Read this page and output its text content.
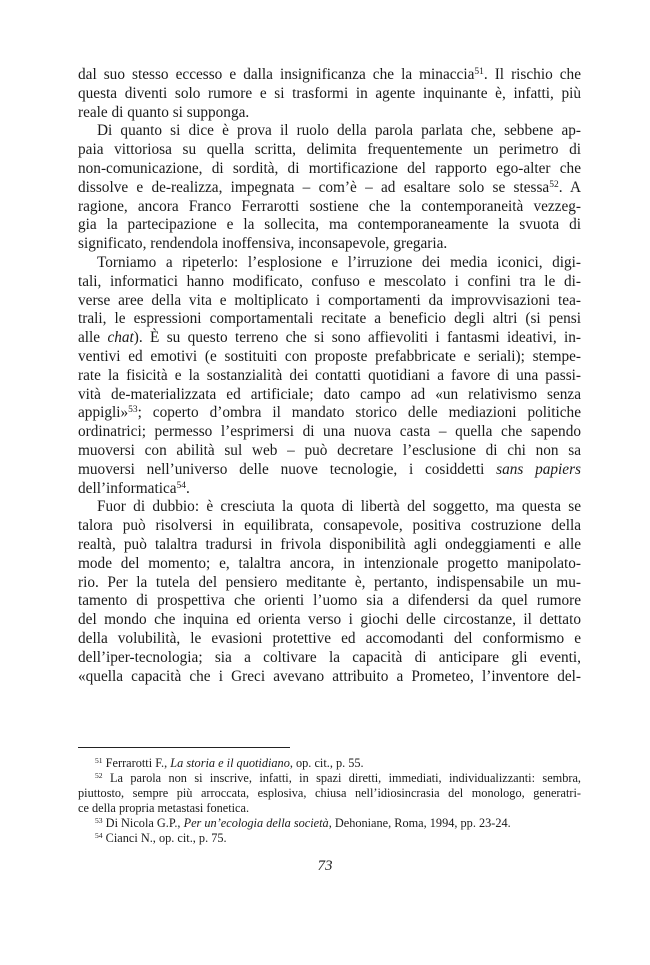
dal suo stesso eccesso e dalla insignificanza che la minaccia$^{51}$. Il rischio che
questa diventi solo rumore e si trasformi in agente inquinante è, infatti, più
reale di quanto si supponga.
Di quanto si dice è prova il ruolo della parola parlata che, sebbene ap-
paia vittoriosa su quella scritta, delimita frequentemente un perimetro di
non-comunicazione, di sordità, di mortificazione del rapporto ego-alter che
dissolve e de-realizza, impegnata – com’è – ad esaltare solo se stessa$^{52}$. A
ragione, ancora Franco Ferrarotti sostiene che la contemporaneità vezzeg-
gia la partecipazione e la sollecita, ma contemporaneamente la svuota di
significato, rendendola inoffensiva, inconsapevole, gregaria.
Torniamo a ripeterlo: l’esplosione e l’irruzione dei media iconici, digi-
tali, informatici hanno modificato, confuso e mescolato i confini tra le di-
verse aree della vita e moltiplicato i comportamenti da improvvisazioni tea-
trali, le espressioni comportamentali recitate a beneficio degli altri (si pensi
alle chat). È su questo terreno che si sono affievoliti i fantasmi ideativi, in-
ventivi ed emotivi (e sostituiti con proposte prefabbricate e seriali); stempe-
rate la fisicità e la sostanzialità dei contatti quotidiani a favore di una passi-
vità de-materializzata ed artificiale; dato campo ad «un relativismo senza
appigli»$^{53}$; coperto d’ombra il mandato storico delle mediazioni politiche
ordinatrici; permesso l’esprimersi di una nuova casta – quella che sapendo
muoversi con abilità sul web – può decretare l’esclusione di chi non sa
muoversi nell’universo delle nuove tecnologie, i cosiddetti sans papiers
dell’informatica$^{54}$.
Fuor di dubbio: è cresciuta la quota di libertà del soggetto, ma questa se
talora può risolversi in equilibrata, consapevole, positiva costruzione della
realtà, può talaltra tradursi in frivola disponibilità agli ondeggiamenti e alle
mode del momento; e, talaltra ancora, in intenzionale progetto manipolato-
rio. Per la tutela del pensiero meditante è, pertanto, indispensabile un mu-
tamento di prospettiva che orienti l’uomo sia a difendersi da quel rumore
del mondo che inquina ed orienta verso i giochi delle circostanze, il dettato
della volubilità, le evasioni protettive ed accomodanti del conformismo e
dell’iper-tecnologia; sia a coltivare la capacità di anticipare gli eventi,
«quella capacità che i Greci avevano attribuito a Prometeo, l’inventore del-
$^{51}$ Ferrarotti F., La storia e il quotidiano, op. cit., p. 55.
$^{52}$ La parola non si inscrive, infatti, in spazi diretti, immediati, individualizzanti: sembra,
piuttosto, sempre più arroccata, esplosiva, chiusa nell’idiosincrasia del monologo, generatri-
ce della propria metastasi fonetica.
$^{53}$ Di Nicola G.P., Per un’ecologia della società, Dehoniane, Roma, 1994, pp. 23-24.
$^{54}$ Cianci N., op. cit., p. 75.
73
